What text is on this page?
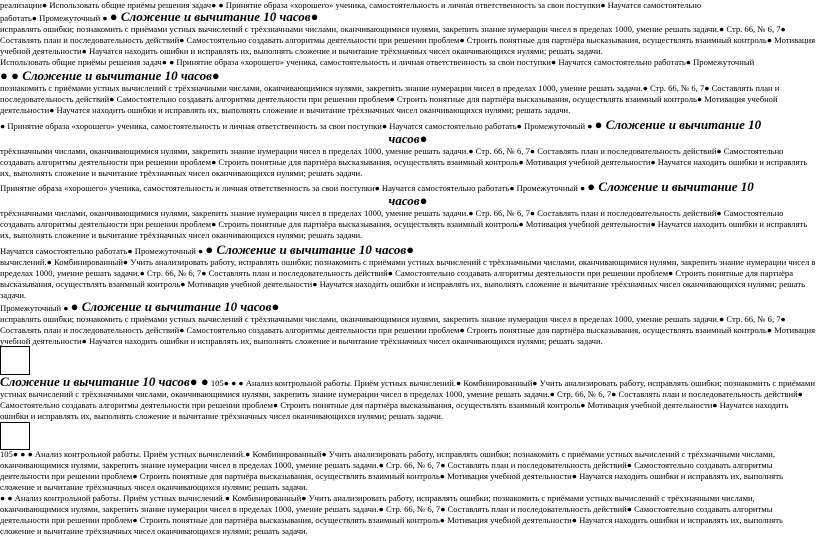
реализации● Использовать общие приёмы решения задач● ● Принятие образа «хорошего» ученика, самостоятельность и личная ответственность за свои поступки● Научатся самостоятельно

работать● Промежуточный ● ● Сложение и вычитание 10 часов●

исправлять ошибки; познакомить с приёмами устных вычислений с трёхзначными числами, оканчивающимися нулями, закрепить знание нумерации чисел в пределах 1000, умение решать задачи.● Стр. 66, № 6, 7● Составлять план и последовательность действий● Самостоятельно создавать алгоритмы деятельности при решении проблем● Строить понятные для партнёра высказывания, осуществлять взаимный контроль● Мотивация учебной деятельности● Научатся находить ошибки и исправлять их, выполнять сложение и вычитание трёхзначных чисел оканчивающихся нулями; решать задачи.

Использовать общие приёмы решения задач● ● Принятие образа «хорошего» ученика, самостоятельность и личная ответственность за свои поступки● Научатся самостоятельно работать● Промежуточный

● ● Сложение и вычитание 10 часов●

познакомить с приёмами устных вычислений с трёхзначными числами, оканчивающимися нулями, закрепить знание нумерации чисел в пределах 1000, умение решать задачи.● Стр. 66, № 6, 7● Составлять план и последовательность действий● Самостоятельно создавать алгоритмы деятельности при решении проблем● Строить понятные для партнёра высказывания, осуществлять взаимный контроль● Мотивация учебной деятельности● Научатся находить ошибки и исправлять их, выполнять сложение и вычитание трёхзначных чисел оканчивающихся нулями; решать задачи.

● Принятие образа «хорошего» ученика, самостоятельность и личная ответственность за свои поступки● Научатся самостоятельно работать● Промежуточный ● ● Сложение и вычитание 10

часов●

трёхзначными числами, оканчивающимися нулями, закрепить знание нумерации чисел в пределах 1000, умение решать задачи.● Стр. 66, № 6, 7● Составлять план и последовательность действий● Самостоятельно создавать алгоритмы деятельности при решении проблем● Строить понятные для партнёра высказывания, осуществлять взаимный контроль● Мотивация учебной деятельности● Научатся находить ошибки и исправлять их, выполнять сложение и вычитание трёхзначных чисел оканчивающихся нулями; решать задачи.

Принятие образа «хорошего» ученика, самостоятельность и личная ответственность за свои поступки● Научатся самостоятельно работать● Промежуточный ● ● Сложение и вычитание 10

часов●

трёхзначными числами, оканчивающимися нулями, закрепить знание нумерации чисел в пределах 1000, умение решать задачи.● Стр. 66, № 6, 7● Составлять план и последовательность действий● Самостоятельно создавать алгоритмы деятельности при решении проблем● Строить понятные для партнёра высказывания, осуществлять взаимный контроль● Мотивация учебной деятельности● Научатся находить ошибки и исправлять их, выполнять сложение и вычитание трёхзначных чисел оканчивающихся нулями; решать задачи.

Научатся самостоятельно работать● Промежуточный ● ● Сложение и вычитание 10 часов●

вычислений.● Комбинированный● Учить анализировать работу, исправлять ошибки; познакомить с приёмами устных вычислений с трёхзначными числами, оканчивающимися нулями, закрепить знание нумерации чисел в пределах 1000, умение решать задачи.● Стр. 66, № 6, 7● Составлять план и последовательность действий● Самостоятельно создавать алгоритмы деятельности при решении проблем● Строить понятные для партнёра высказывания, осуществлять взаимный контроль● Мотивация учебной деятельности● Научатся находить ошибки и исправлять их, выполнять сложение и вычитание трёхзначных чисел оканчивающихся нулями; решать задачи.

Промежуточный ● ● Сложение и вычитание 10 часов●

исправлять ошибки; познакомить с приёмами устных вычислений с трёхзначными числами, оканчивающимися нулями, закрепить знание нумерации чисел в пределах 1000, умение решать задачи.● Стр. 66, № 6, 7● Составлять план и последовательность действий● Самостоятельно создавать алгоритмы деятельности при решении проблем● Строить понятные для партнёра высказывания, осуществлять взаимный контроль● Мотивация учебной деятельности● Научатся находить ошибки и исправлять их, выполнять сложение и вычитание трёхзначных чисел оканчивающихся нулями; решать задачи.

Сложение и вычитание 10 часов● ● 105● ● ● Анализ контрольной работы. Приём устных вычислений.● Комбинированный● Учить анализировать работу, исправлять ошибки; познакомить с приёмами устных вычислений с трёхзначными числами, оканчивающимися нулями, закрепить знание нумерации чисел в пределах 1000, умение решать задачи.● Стр. 66, № 6, 7● Составлять план и последовательность действий● Самостоятельно создавать алгоритмы деятельности при решении проблем● Строить понятные для партнёра высказывания, осуществлять взаимный контроль● Мотивация учебной деятельности● Научатся находить ошибки и исправлять их, выполнять сложение и вычитание трёхзначных чисел оканчивающихся нулями; решать задачи.

105● ● ● Анализ контрольной работы. Приём устных вычислений.● Комбинированный● Учить анализировать работу, исправлять ошибки; познакомить с приёмами устных вычислений с трёхзначными числами, оканчивающимися нулями, закрепить знание нумерации чисел в пределах 1000, умение решать задачи.● Стр. 66, № 6, 7● Составлять план и последовательность действий● Самостоятельно создавать алгоритмы деятельности при решении проблем● Строить понятные для партнёра высказывания, осуществлять взаимный контроль● Мотивация учебной деятельности● Научатся находить ошибки и исправлять их, выполнять сложение и вычитание трёхзначных чисел оканчивающихся нулями; решать задачи.

● ● Анализ контрольной работы. Приём устных вычислений.● Комбинированный● Учить анализировать работу, исправлять ошибки; познакомить с приёмами устных вычислений с трёхзначными числами, оканчивающимися нулями, закрепить знание нумерации чисел в пределах 1000, умение решать задачи.● Стр. 66, № 6, 7● Составлять план и последовательность действий● Самостоятельно создавать алгоритмы деятельности при решении проблем● Строить понятные для партнёра высказывания, осуществлять взаимный контроль● Мотивация учебной деятельности● Научатся находить ошибки и исправлять их, выполнять сложение и вычитание трёхзначных чисел оканчивающихся нулями; решать задачи.
